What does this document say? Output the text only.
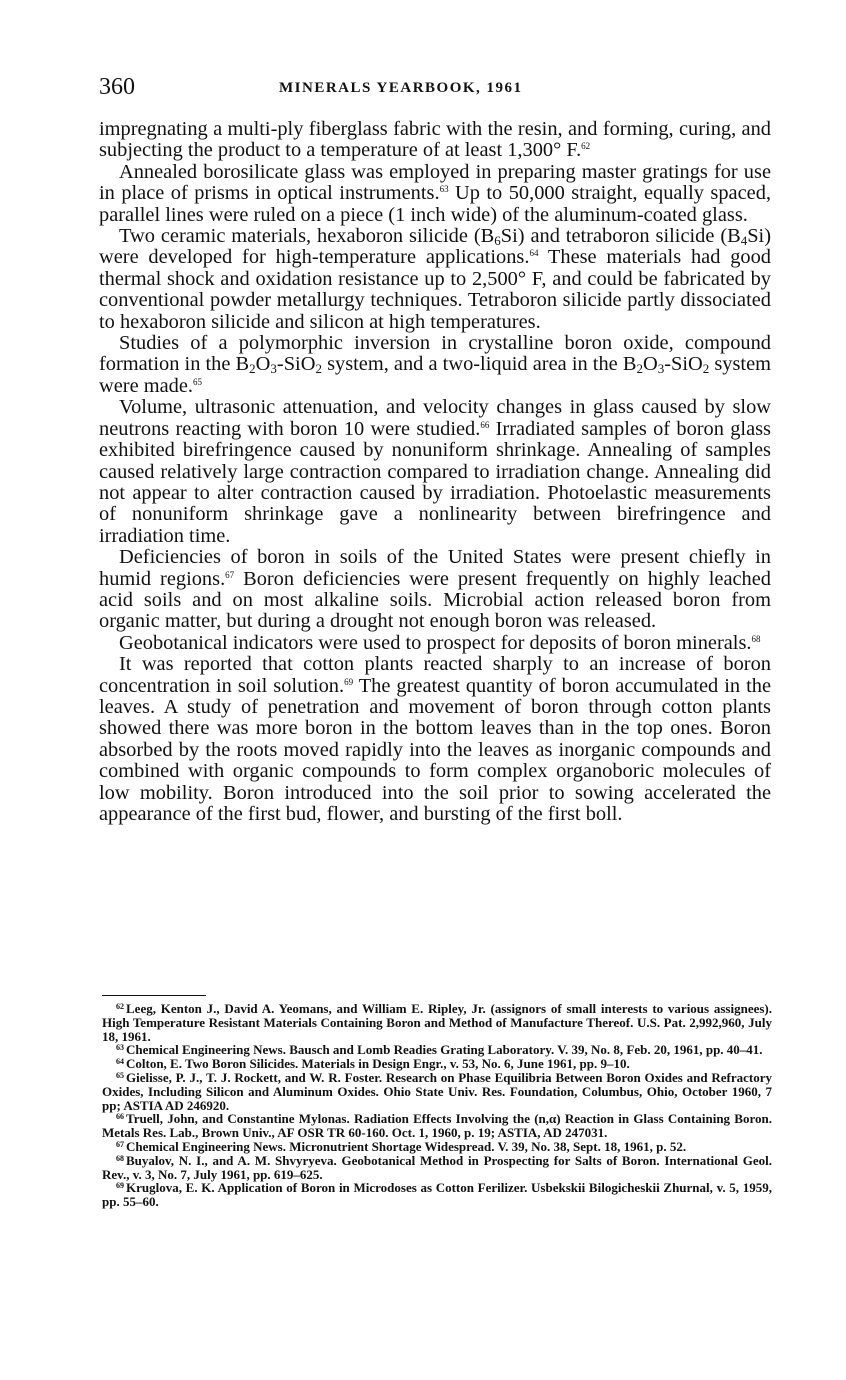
360	MINERALS YEARBOOK, 1961

impregnating a multi-ply fiberglass fabric with the resin, and forming, curing, and subjecting the product to a temperature of at least 1,300° F.$^{62}$

Annealed borosilicate glass was employed in preparing master gratings for use in place of prisms in optical instruments.$^{63}$ Up to 50,000 straight, equally spaced, parallel lines were ruled on a piece (1 inch wide) of the aluminum-coated glass.

Two ceramic materials, hexaboron silicide $(B_6Si)$ and tetraboron silicide $(B_4Si)$ were developed for high-temperature applications.$^{64}$ These materials had good thermal shock and oxidation resistance up to 2,500° F, and could be fabricated by conventional powder metallurgy techniques. Tetraboron silicide partly dissociated to hexaboron silicide and silicon at high temperatures.

Studies of a polymorphic inversion in crystalline boron oxide, compound formation in the $B_2O_3-SiO_2$ system, and a two-liquid area in the $B_2O_3-SiO_2$ system were made.$^{65}$

Volume, ultrasonic attenuation, and velocity changes in glass caused by slow neutrons reacting with boron 10 were studied.$^{66}$ Irradiated samples of boron glass exhibited birefringence caused by nonuniform shrinkage. Annealing of samples caused relatively large contraction compared to irradiation change. Annealing did not appear to alter contraction caused by irradiation. Photoelastic measurements of nonuniform shrinkage gave a nonlinearity between birefringence and irradiation time.

Deficiencies of boron in soils of the United States were present chiefly in humid regions.$^{67}$ Boron deficiencies were present frequently on highly leached acid soils and on most alkaline soils. Microbial action released boron from organic matter, but during a drought not enough boron was released.

Geobotanical indicators were used to prospect for deposits of boron minerals.$^{68}$

It was reported that cotton plants reacted sharply to an increase of boron concentration in soil solution.$^{69}$ The greatest quantity of boron accumulated in the leaves. A study of penetration and movement of boron through cotton plants showed there was more boron in the bottom leaves than in the top ones. Boron absorbed by the roots moved rapidly into the leaves as inorganic compounds and combined with organic compounds to form complex organoboric molecules of low mobility. Boron introduced into the soil prior to sowing accelerated the appearance of the first bud, flower, and bursting of the first boll.

$^{62}$ Leeg, Kenton J., David A. Yeomans, and William E. Ripley, Jr. (assignors of small interests to various assignees). High Temperature Resistant Materials Containing Boron and Method of Manufacture Thereof. U.S. Pat. 2,992,960, July 18, 1961.

$^{63}$ Chemical Engineering News. Bausch and Lomb Readies Grating Laboratory. V. 39, No. 8, Feb. 20, 1961, pp. 40–41.

$^{64}$ Colton, E. Two Boron Silicides. Materials in Design Engr., v. 53, No. 6, June 1961, pp. 9–10.

$^{65}$ Gielisse, P. J., T. J. Rockett, and W. R. Foster. Research on Phase Equilibria Between Boron Oxides and Refractory Oxides, Including Silicon and Aluminum Oxides. Ohio State Univ. Res. Foundation, Columbus, Ohio, October 1960, 7 pp; ASTIA AD 246920.

$^{66}$ Truell, John, and Constantine Mylonas. Radiation Effects Involving the (n,α) Reaction in Glass Containing Boron. Metals Res. Lab., Brown Univ., AF OSR TR 60-160. Oct. 1, 1960, p. 19; ASTIA, AD 247031.

$^{67}$ Chemical Engineering News. Micronutrient Shortage Widespread. V. 39, No. 38, Sept. 18, 1961, p. 52.

$^{68}$ Buyalov, N. I., and A. M. Shvyryeva. Geobotanical Method in Prospecting for Salts of Boron. International Geol. Rev., v. 3, No. 7, July 1961, pp. 619–625.

$^{69}$ Kruglova, E. K. Application of Boron in Microdoses as Cotton Ferilizer. Usbekskii Bilogicheskii Zhurnal, v. 5, 1959, pp. 55–60.
